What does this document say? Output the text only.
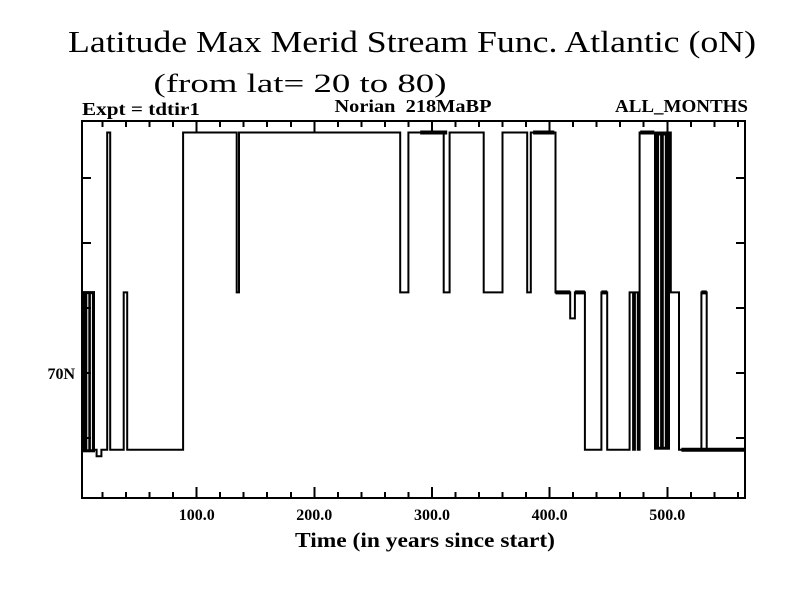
Latitude Max Merid Stream Func. Atlantic (oN)
(from lat= 20 to 80)
Expt = tdtir1	Norian  218MaBP	ALL_MONTHS
70N
Time (in years since start)
100.0	200.0	300.0	400.0	500.0
